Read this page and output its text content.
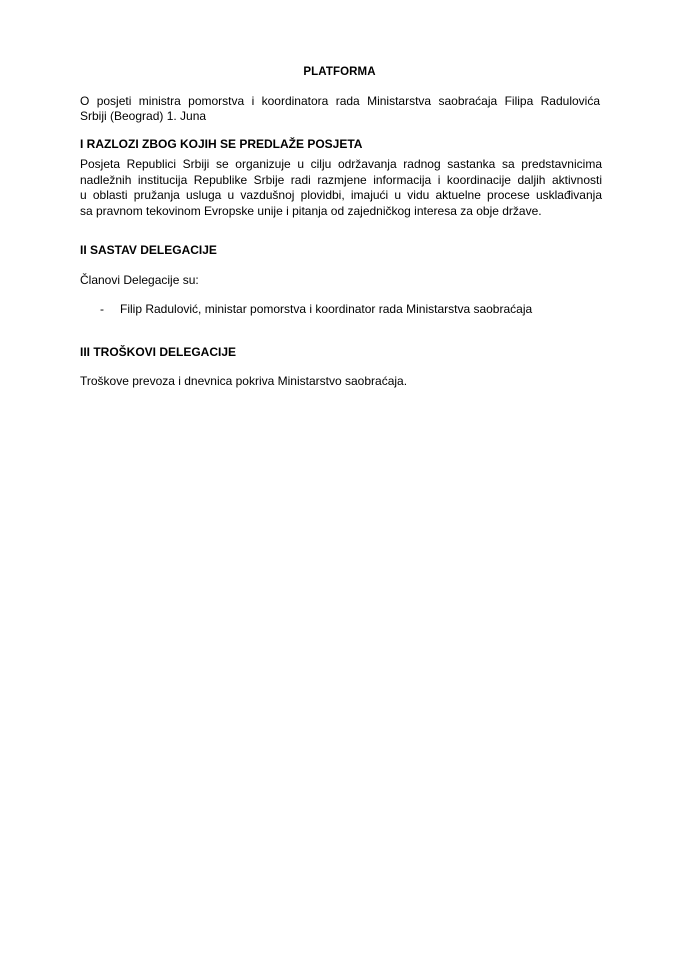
PLATFORMA
O posjeti ministra pomorstva i koordinatora rada Ministarstva saobraćaja Filipa Radulovića
Srbiji (Beograd) 1. Juna
I RAZLOZI ZBOG KOJIH SE PREDLAŽE POSJETA
Posjeta Republici Srbiji se organizuje u cilju održavanja radnog sastanka sa predstavnicima
nadležnih institucija Republike Srbije radi razmjene informacija i koordinacije daljih aktivnosti
u oblasti pružanja usluga u vazdušnoj plovidbi, imajući u vidu aktuelne procese usklađivanja
sa pravnom tekovinom Evropske unije i pitanja od zajedničkog interesa za obje države.
II SASTAV DELEGACIJE
Članovi Delegacije su:
- Filip Radulović, ministar pomorstva i koordinator rada Ministarstva saobraćaja
III TROŠKOVI DELEGACIJE
Troškove prevoza i dnevnica pokriva Ministarstvo saobraćaja.
